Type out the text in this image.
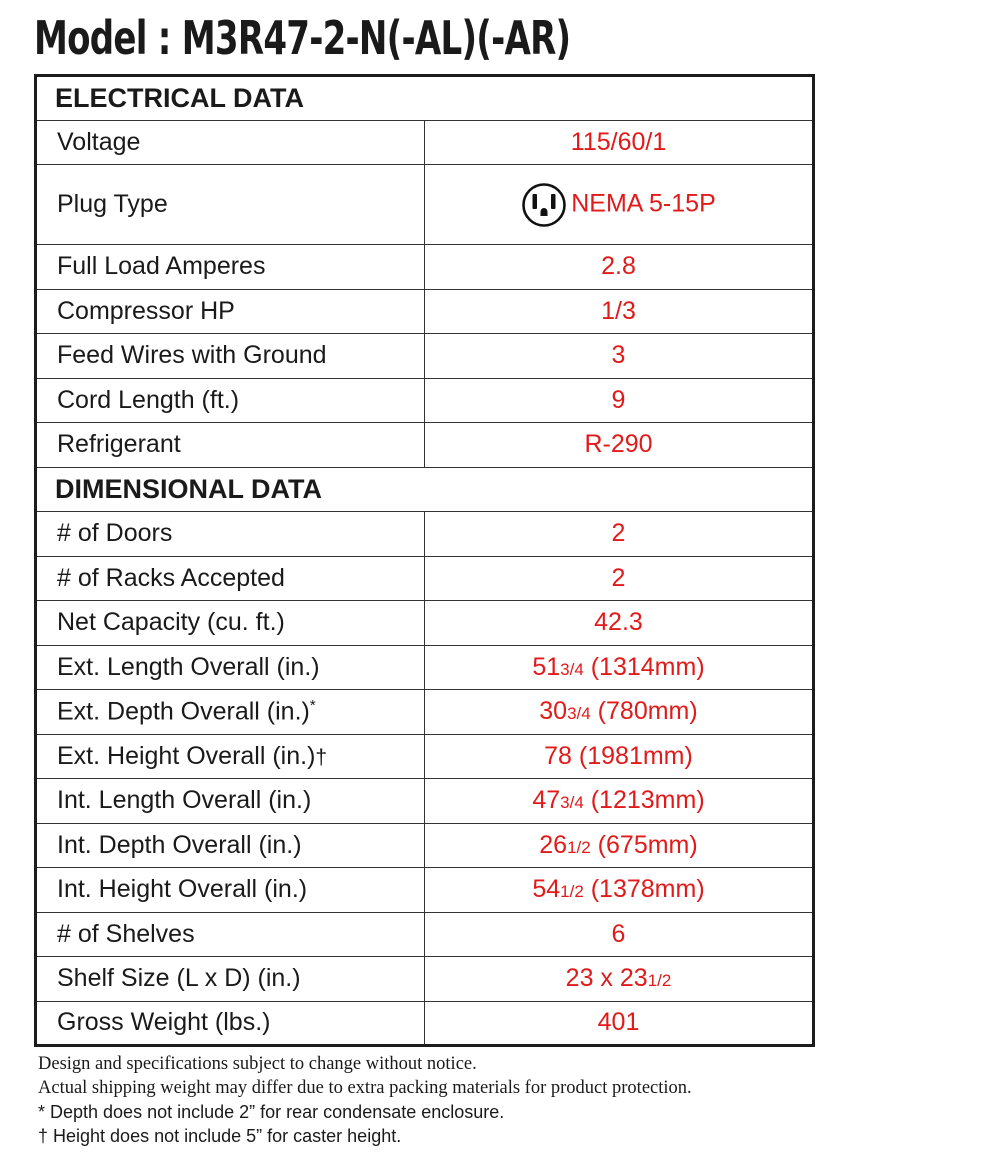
Model : M3R47-2-N(-AL)(-AR)
ELECTRICAL DATA	
Voltage	115/60/1
Plug Type	NEMA 5-15P
Full Load Amperes	2.8
Compressor HP	1/3
Feed Wires with Ground	3
Cord Length (ft.)	9
Refrigerant	R-290
DIMENSIONAL DATA	
# of Doors	2
# of Racks Accepted	2
Net Capacity (cu. ft.)	42.3
Ext. Length Overall (in.)	513/4 (1314mm)
Ext. Depth Overall (in.)*	303/4 (780mm)
Ext. Height Overall (in.)†	78 (1981mm)
Int. Length Overall (in.)	473/4 (1213mm)
Int. Depth Overall (in.)	261/2 (675mm)
Int. Height Overall (in.)	541/2 (1378mm)
# of Shelves	6
Shelf Size (L x D) (in.)	23 x 231/2
Gross Weight (lbs.)	401
Design and specifications subject to change without notice.
Actual shipping weight may differ due to extra packing materials for product protection.
* Depth does not include 2” for rear condensate enclosure.
† Height does not include 5” for caster height.
